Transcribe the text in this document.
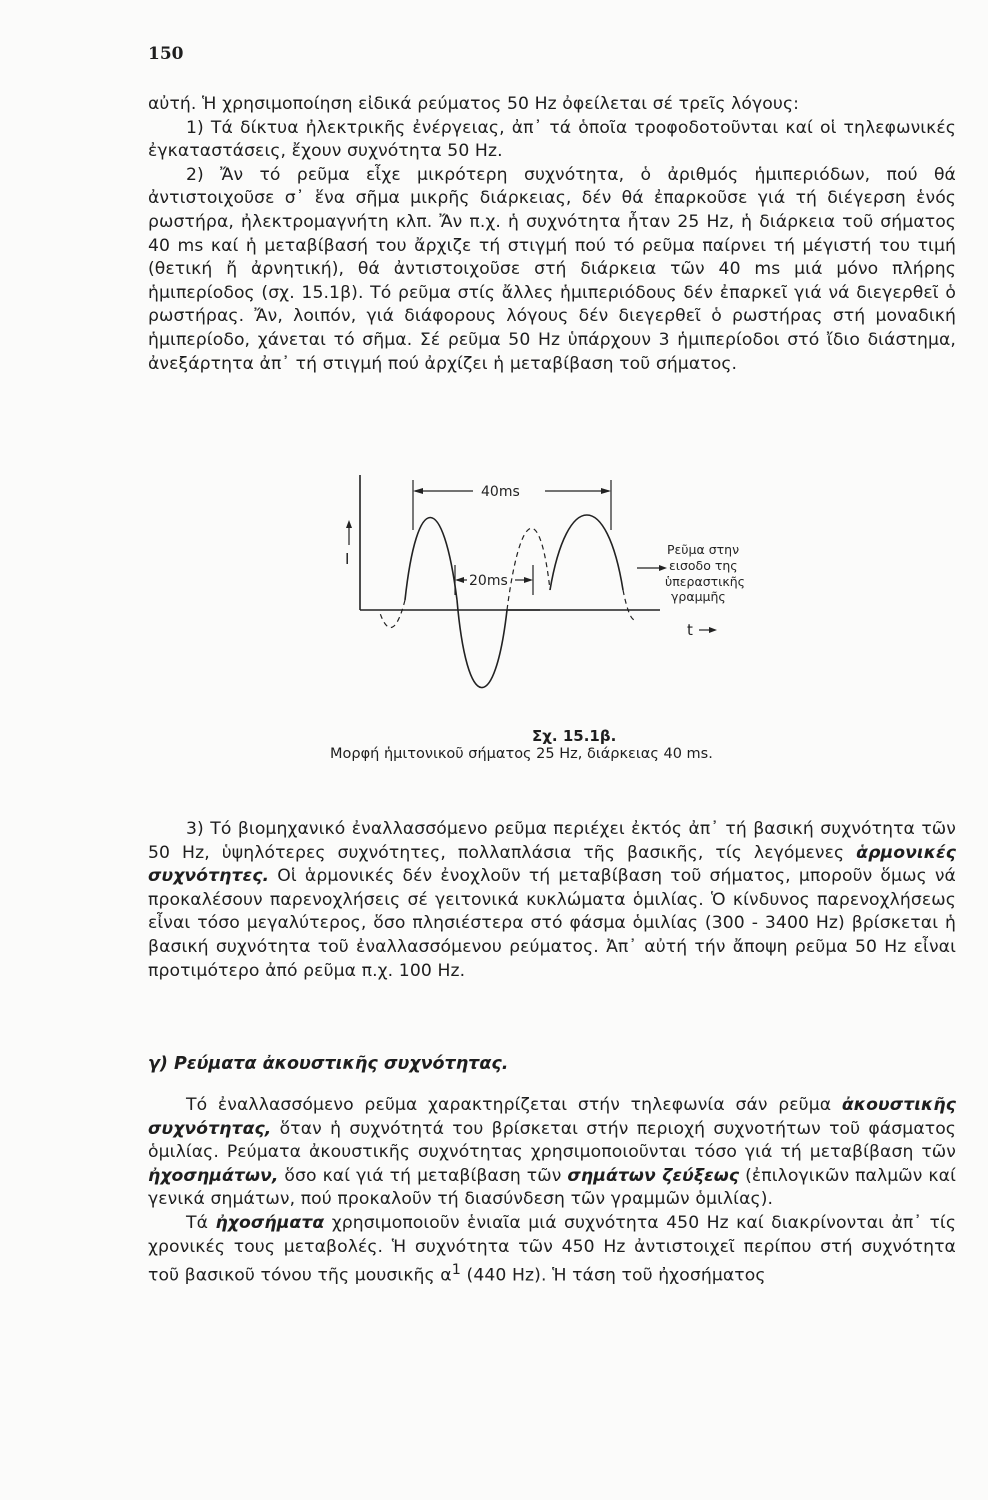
150

αὐτή. Ἡ χρησιμοποίηση εἰδικά ρεύματος 50 Hz ὀφείλεται σέ τρεῖς λόγους:

1) Τά δίκτυα ἠλεκτρικῆς ἐνέργειας, ἀπ᾽ τά ὁποῖα τροφοδοτοῦνται καί οἱ τηλεφωνικές ἐγκαταστάσεις, ἔχουν συχνότητα 50 Hz.

2) Ἄν τό ρεῦμα εἶχε μικρότερη συχνότητα, ὁ ἀριθμός ἡμιπεριόδων, πού θά ἀντιστοιχοῦσε σ᾽ ἕνα σῆμα μικρῆς διάρκειας, δέν θά ἐπαρκοῦσε γιά τή διέγερση ἑνός ρωστήρα, ἠλεκτρομαγνήτη κλπ. Ἄν π.χ. ἡ συχνότητα ἦταν 25 Hz, ἡ διάρκεια τοῦ σήματος 40 ms καί ἡ μεταβίβασή του ἄρχιζε τή στιγμή πού τό ρεῦμα παίρνει τή μέγιστή του τιμή (θετική ἤ ἀρνητική), θά ἀντιστοιχοῦσε στή διάρκεια τῶν 40 ms μιά μόνο πλήρης ἡμιπερίοδος (σχ. 15.1β). Τό ρεῦμα στίς ἄλλες ἡμιπεριόδους δέν ἐπαρκεῖ γιά νά διεγερθεῖ ὁ ρωστήρας. Ἄν, λοιπόν, γιά διάφορους λόγους δέν διεγερθεῖ ὁ ρωστήρας στή μοναδική ἡμιπερίοδο, χάνεται τό σῆμα. Σέ ρεῦμα 50 Hz ὑπάρχουν 3 ἡμιπερίοδοι στό ἴδιο διάστημα, ἀνεξάρτητα ἀπ᾽ τή στιγμή πού ἀρχίζει ἡ μεταβίβαση τοῦ σήματος.

I
40ms
20ms
Ρεῦμα στην
εισοδο της
ὑπεραστικῆς
γραμμῆς
t
Σχ. 15.1β.
Μορφή ἡμιτονικοῦ σήματος 25 Hz, διάρκειας 40 ms.

3) Τό βιομηχανικό ἐναλλασσόμενο ρεῦμα περιέχει ἐκτός ἀπ᾽ τή βασική συχνότητα τῶν 50 Hz, ὑψηλότερες συχνότητες, πολλαπλάσια τῆς βασικῆς, τίς λεγόμενες ἁρμονικές συχνότητες. Οἱ ἁρμονικές δέν ἐνοχλοῦν τή μεταβίβαση τοῦ σήματος, μποροῦν ὅμως νά προκαλέσουν παρενοχλήσεις σέ γειτονικά κυκλώματα ὁμιλίας. Ὁ κίνδυνος παρενοχλήσεως εἶναι τόσο μεγαλύτερος, ὅσο πλησιέστερα στό φάσμα ὁμιλίας (300 - 3400 Hz) βρίσκεται ἡ βασική συχνότητα τοῦ ἐναλλασσόμενου ρεύματος. Ἀπ᾽ αὐτή τήν ἄποψη ρεῦμα 50 Hz εἶναι προτιμότερο ἀπό ρεῦμα π.χ. 100 Hz.

γ) Ρεύματα ἀκουστικῆς συχνότητας.

Τό ἐναλλασσόμενο ρεῦμα χαρακτηρίζεται στήν τηλεφωνία σάν ρεῦμα ἀκουστικῆς συχνότητας, ὅταν ἡ συχνότητά του βρίσκεται στήν περιοχή συχνοτήτων τοῦ φάσματος ὁμιλίας. Ρεύματα ἀκουστικῆς συχνότητας χρησιμοποιοῦνται τόσο γιά τή μεταβίβαση τῶν ἠχοσημάτων, ὅσο καί γιά τή μεταβίβαση τῶν σημάτων ζεύξεως (ἐπιλογικῶν παλμῶν καί γενικά σημάτων, πού προκαλοῦν τή διασύνδεση τῶν γραμμῶν ὁμιλίας).

Τά ἠχοσήματα χρησιμοποιοῦν ἑνιαῖα μιά συχνότητα 450 Hz καί διακρίνονται ἀπ᾽ τίς χρονικές τους μεταβολές. Ἡ συχνότητα τῶν 450 Hz ἀντιστοιχεῖ περίπου στή συχνότητα τοῦ βασικοῦ τόνου τῆς μουσικῆς $\alpha^1$ (440 Hz). Ἡ τάση τοῦ ἠχοσήματος
